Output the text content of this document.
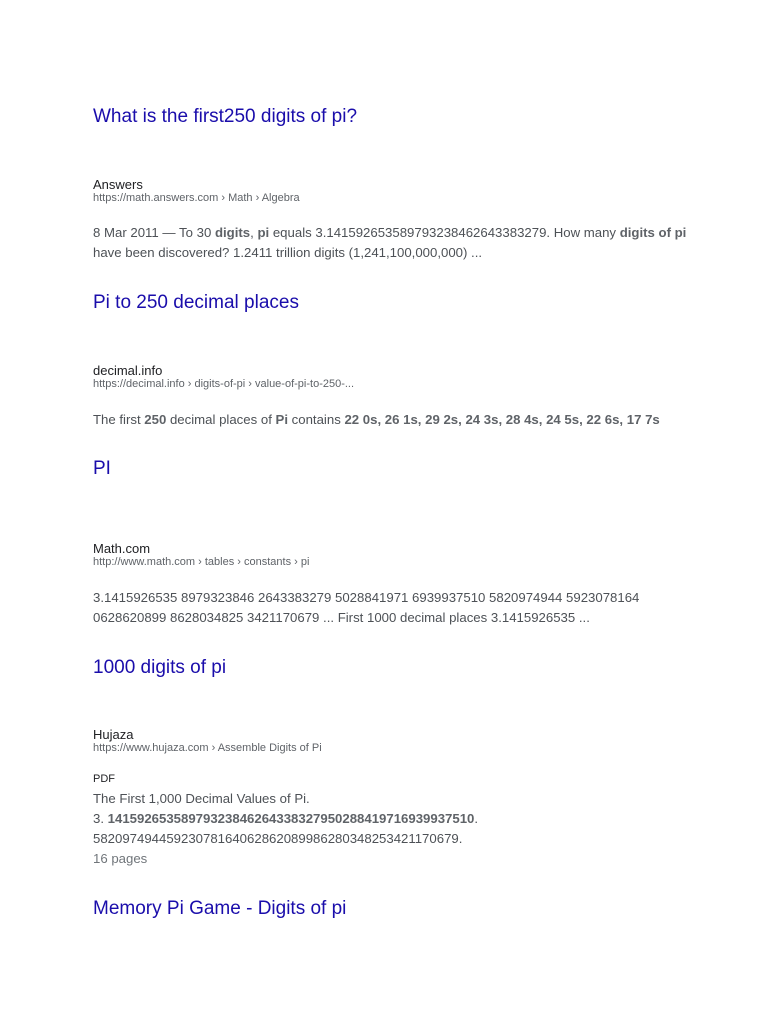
What is the first250 digits of pi?
Answers
https://math.answers.com › Math › Algebra
8 Mar 2011 — To 30 digits, pi equals 3.14159265358979323846264338327​9. How many digits of pi have been discovered? 1.2411 trillion digits (1,241,100,000,000) ...
Pi to 250 decimal places
decimal.info
https://decimal.info › digits-of-pi › value-of-pi-to-250-...
The first 250 decimal places of Pi contains 22 0s, 26 1s, 29 2s, 24 3s, 28 4s, 24 5s, 22 6s, 17 7s
PI
Math.com
http://www.math.com › tables › constants › pi
3.1415926535 8979323846 2643383279 5028841971 6939937510 5820974944 5923078164 0628620899 8628034825 3421170679 ... First 1000 decimal places 3.1415926535 ...
1000 digits of pi
Hujaza
https://www.hujaza.com › Assemble Digits of Pi
PDF
The First 1,000 Decimal Values of Pi.
3. 14159265358979323846264338327950288419716939937510.
58209749445923078164062862089986280348253421170679.
16 pages
Memory Pi Game - Digits of pi
